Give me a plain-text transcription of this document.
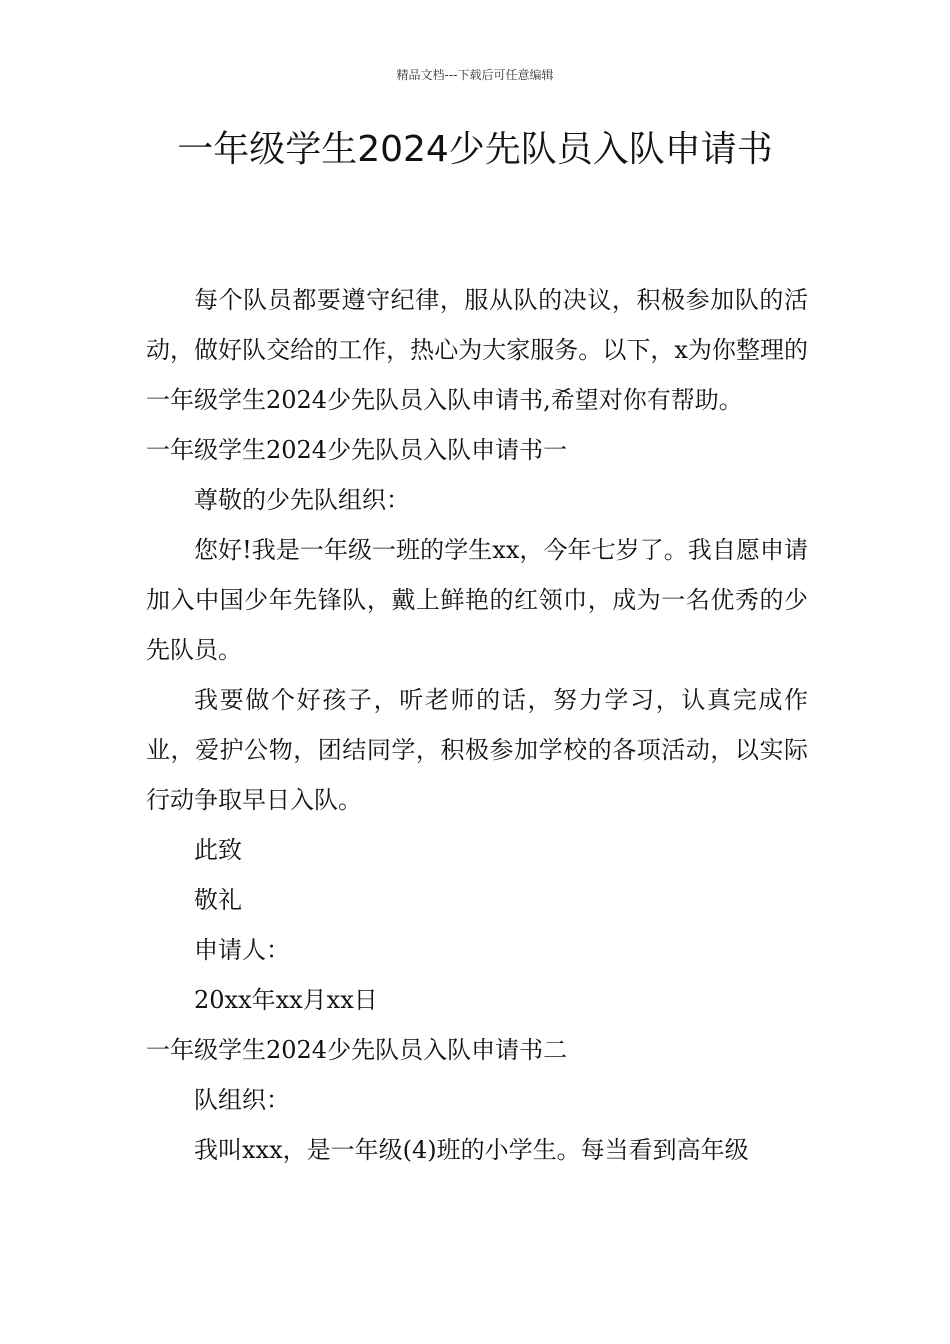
精品文档---下载后可任意编辑
一年级学生2024少先队员入队申请书

每个队员都要遵守纪律，服从队的决议，积极参加队的活动，做好队交给的工作，热心为大家服务。以下，x为你整理的一年级学生2024少先队员入队申请书,希望对你有帮助。

一年级学生2024少先队员入队申请书一

尊敬的少先队组织：

您好!我是一年级一班的学生xx，今年七岁了。我自愿申请加入中国少年先锋队，戴上鲜艳的红领巾，成为一名优秀的少先队员。

我要做个好孩子，听老师的话，努力学习，认真完成作业，爱护公物，团结同学，积极参加学校的各项活动，以实际行动争取早日入队。

此致

敬礼

申请人：

20xx年xx月xx日

一年级学生2024少先队员入队申请书二

队组织：

我叫xxx，是一年级(4)班的小学生。每当看到高年级
